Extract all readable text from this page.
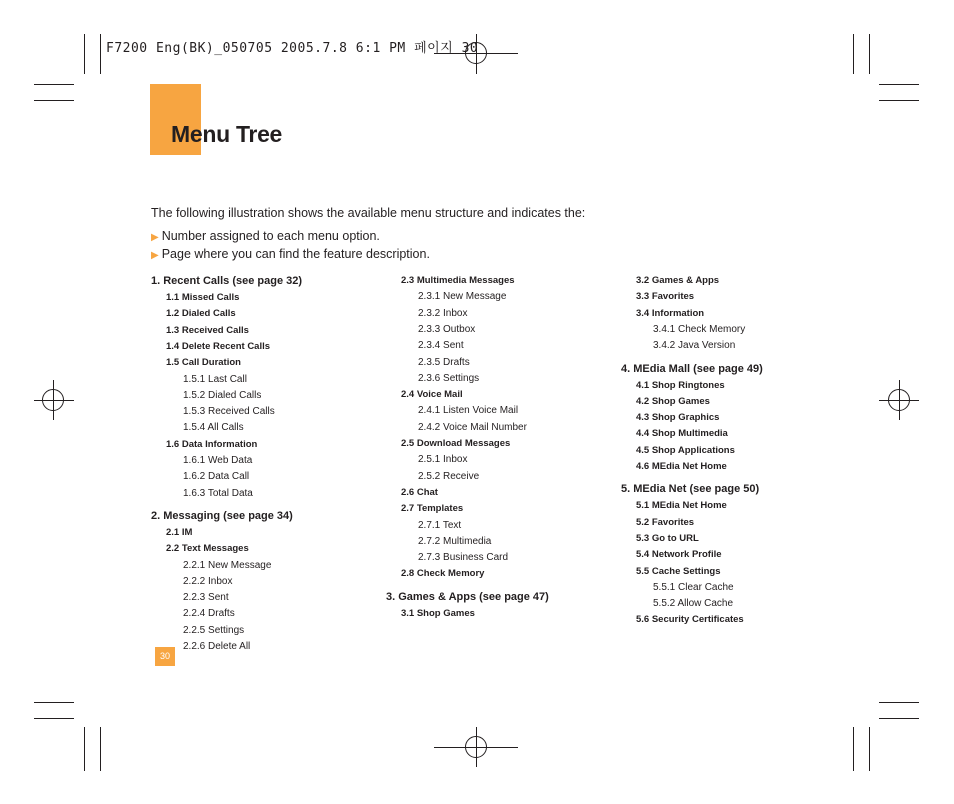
F7200 Eng(BK)_050705 2005.7.8 6:1 PM 페이지 30
Menu Tree

The following illustration shows the available menu structure and indicates the:

▶ Number assigned to each menu option.
▶ Page where you can find the feature description.
1. Recent Calls (see page 32)
1.1 Missed Calls
1.2 Dialed Calls
1.3 Received Calls
1.4 Delete Recent Calls
1.5 Call Duration
1.5.1 Last Call
1.5.2 Dialed Calls
1.5.3 Received Calls
1.5.4 All Calls
1.6 Data Information
1.6.1 Web Data
1.6.2 Data Call
1.6.3 Total Data
2. Messaging (see page 34)
2.1 IM
2.2 Text Messages
2.2.1 New Message
2.2.2 Inbox
2.2.3 Sent
2.2.4 Drafts
2.2.5 Settings
2.2.6 Delete All
2.3 Multimedia Messages
2.3.1 New Message
2.3.2 Inbox
2.3.3 Outbox
2.3.4 Sent
2.3.5 Drafts
2.3.6 Settings
2.4 Voice Mail
2.4.1 Listen Voice Mail
2.4.2 Voice Mail Number
2.5 Download Messages
2.5.1 Inbox
2.5.2 Receive
2.6 Chat
2.7 Templates
2.7.1 Text
2.7.2 Multimedia
2.7.3 Business Card
2.8 Check Memory
3. Games & Apps (see page 47)
3.1 Shop Games
3.2 Games & Apps
3.3 Favorites
3.4 Information
3.4.1 Check Memory
3.4.2 Java Version
4. MEdia Mall (see page 49)
4.1 Shop Ringtones
4.2 Shop Games
4.3 Shop Graphics
4.4 Shop Multimedia
4.5 Shop Applications
4.6 MEdia Net Home
5. MEdia Net (see page 50)
5.1 MEdia Net Home
5.2 Favorites
5.3 Go to URL
5.4 Network Profile
5.5 Cache Settings
5.5.1 Clear Cache
5.5.2 Allow Cache
5.6 Security Certificates
30
